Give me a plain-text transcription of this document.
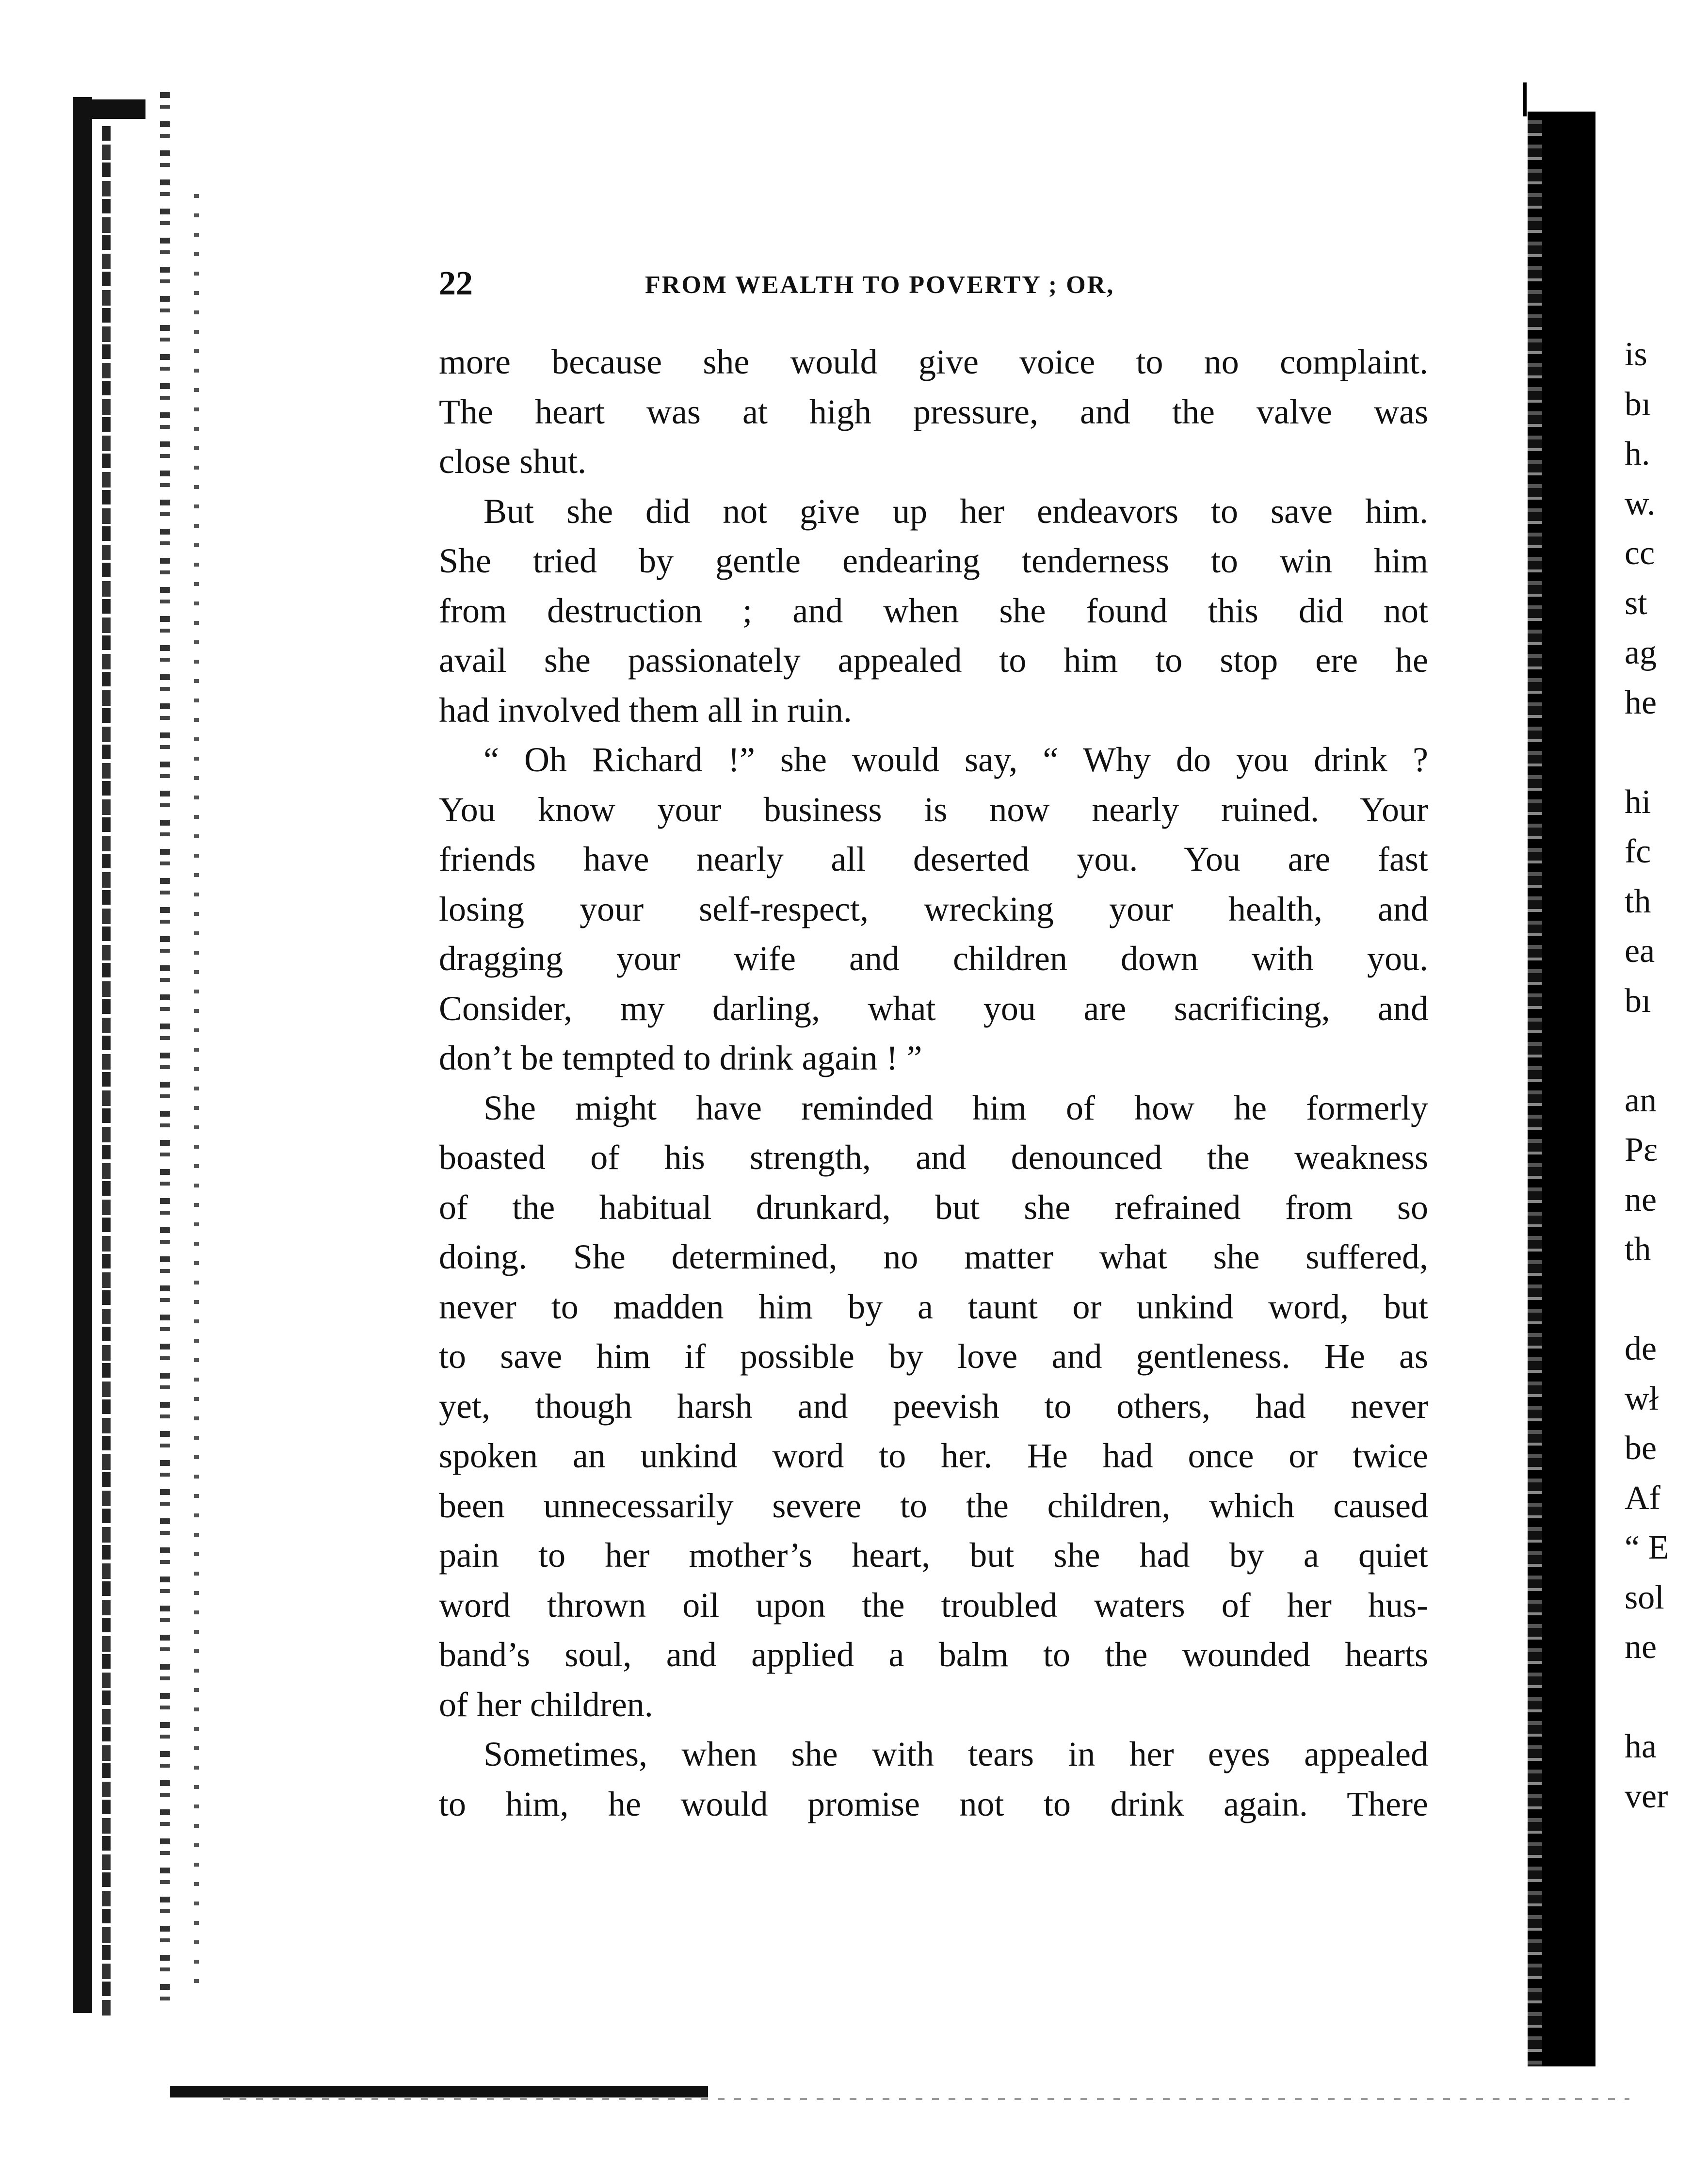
22	FROM WEALTH TO POVERTY ; OR,
more because she would give voice to no complaint.
The heart was at high pressure, and the valve was
close shut.
But she did not give up her endeavors to save him.
She tried by gentle endearing tenderness to win him
from destruction ; and when she found this did not
avail she passionately appealed to him to stop ere he
had involved them all in ruin.
“ Oh Richard !” she would say, “ Why do you drink ?
You know your business is now nearly ruined. Your
friends have nearly all deserted you. You are fast
losing your self-respect, wrecking your health, and
dragging your wife and children down with you.
Consider, my darling, what you are sacrificing, and
don’t be tempted to drink again ! ”
She might have reminded him of how he formerly
boasted of his strength, and denounced the weakness
of the habitual drunkard, but she refrained from so
doing. She determined, no matter what she suffered,
never to madden him by a taunt or unkind word, but
to save him if possible by love and gentleness. He as
yet, though harsh and peevish to others, had never
spoken an unkind word to her. He had once or twice
been unnecessarily severe to the children, which caused
pain to her mother’s heart, but she had by a quiet
word thrown oil upon the troubled waters of her hus-
band’s soul, and applied a balm to the wounded hearts
of her children.
Sometimes, when she with tears in her eyes appealed
to him, he would promise not to drink again. There
is
bı
h.
w.
cc
st
ag
he
hi
fc
th
ea
bı
an
Pε
ne
th
de
wł
be
Af
“ E
sol
ne
ha
ver
